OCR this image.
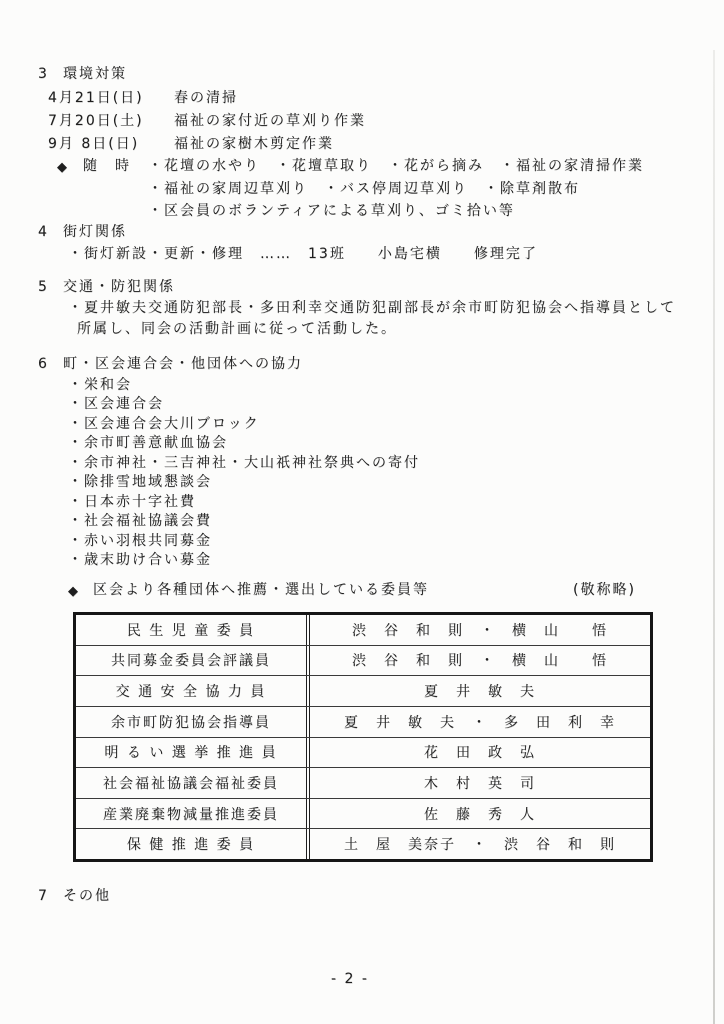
3 環境対策
4月21日(日) 春の清掃
7月20日(土) 福祉の家付近の草刈り作業
9月 8日(日) 福祉の家樹木剪定作業
◆ 随　時 ・花壇の水やり　・花壇草取り　・花がら摘み　・福祉の家清掃作業
・福祉の家周辺草刈り　・バス停周辺草刈り　・除草剤散布
・区会員のボランティアによる草刈り、ゴミ拾い等
4 街灯関係
・街灯新設・更新・修理　……　13班　　小島宅横　　修理完了
5 交通・防犯関係
・夏井敏夫交通防犯部長・多田利幸交通防犯副部長が余市町防犯協会へ指導員として
所属し、同会の活動計画に従って活動した。
6 町・区会連合会・他団体への協力
・栄和会
・区会連合会
・区会連合会大川ブロック
・余市町善意献血協会
・余市神社・三吉神社・大山祇神社祭典への寄付
・除排雪地域懇談会
・日本赤十字社費
・社会福祉協議会費
・赤い羽根共同募金
・歳末助け合い募金
◆ 区会より各種団体へ推薦・選出している委員等	(敬称略)
民 生 児 童 委 員	渋　谷　和　則　・　横　山　　悟
共同募金委員会評議員	渋　谷　和　則　・　横　山　　悟
交 通 安 全 協 力 員	夏　井　敏　夫
余市町防犯協会指導員	夏　井　敏　夫　・　多　田　利　幸
明 る い 選 挙 推 進 員	花　田　政　弘
社会福祉協議会福祉委員	木　村　英　司
産業廃棄物減量推進委員	佐　藤　秀　人
保 健 推 進 委 員	土　屋　美奈子　・　渋　谷　和　則
7 その他
- 2 -
